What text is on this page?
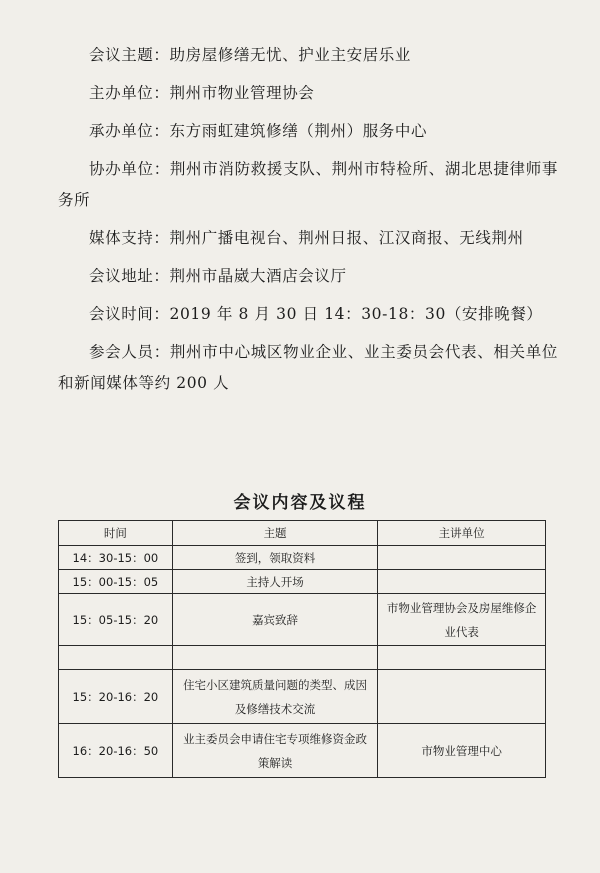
会议主题：助房屋修缮无忧、护业主安居乐业

主办单位：荆州市物业管理协会

承办单位：东方雨虹建筑修缮（荆州）服务中心

协办单位：荆州市消防救援支队、荆州市特检所、湖北思捷律师事务所

媒体支持：荆州广播电视台、荆州日报、江汉商报、无线荆州

会议地址：荆州市晶崴大酒店会议厅

会议时间：2019 年 8 月 30 日 14：30-18：30（安排晚餐）

参会人员：荆州市中心城区物业企业、业主委员会代表、相关单位和新闻媒体等约 200 人

会议内容及议程
时间	主题	主讲单位
14：30-15：00	签到，领取资料	
15：00-15：05	主持人开场	
15：05-15：20	嘉宾致辞	市物业管理协会及房屋维修企业代表

15：20-16：20	住宅小区建筑质量问题的类型、成因及修缮技术交流	
16：20-16：50	业主委员会申请住宅专项维修资金政策解读	市物业管理中心
